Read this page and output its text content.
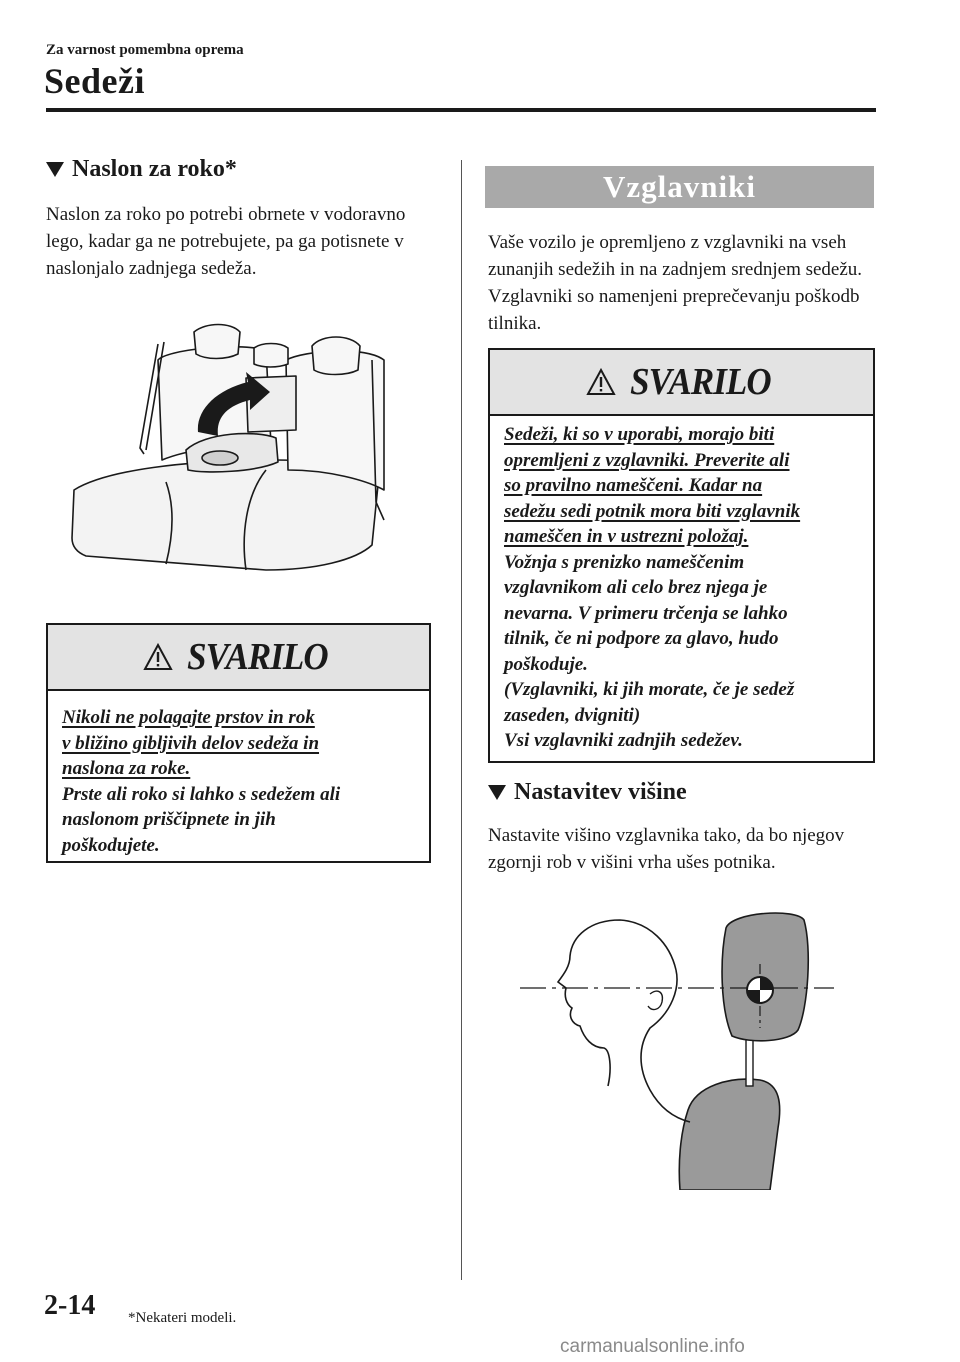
Za varnost pomembna oprema
Sedeži
Naslon za roko*
Naslon za roko po potrebi obrnete v vodoravno lego, kadar ga ne potrebujete, pa ga potisnete v naslonjalo zadnjega sedeža.
SVARILO
Nikoli ne polagajte prstov in rok
v bližino gibljivih delov sedeža in
naslona za roke.
Prste ali roko si lahko s sedežem ali
naslonom priščipnete in jih
poškodujete.
Vzglavniki
Vaše vozilo je opremljeno z vzglavniki na vseh zunanjih sedežih in na zadnjem srednjem sedežu. Vzglavniki so namenjeni preprečevanju poškodb tilnika.
SVARILO
Sedeži, ki so v uporabi, morajo biti
opremljeni z vzglavniki. Preverite ali
so pravilno nameščeni. Kadar na
sedežu sedi potnik mora biti vzglavnik
nameščen in v ustrezni položaj.
Vožnja s prenizko nameščenim
vzglavnikom ali celo brez njega je
nevarna. V primeru trčenja se lahko
tilnik, če ni podpore za glavo, hudo
poškoduje.
(Vzglavniki, ki jih morate, če je sedež
zaseden, dvigniti)
Vsi vzglavniki zadnjih sedežev.
Nastavitev višine
Nastavite višino vzglavnika tako, da bo njegov zgornji rob v višini vrha ušes potnika.
2-14 *Nekateri modeli.
carmanualsonline.info
